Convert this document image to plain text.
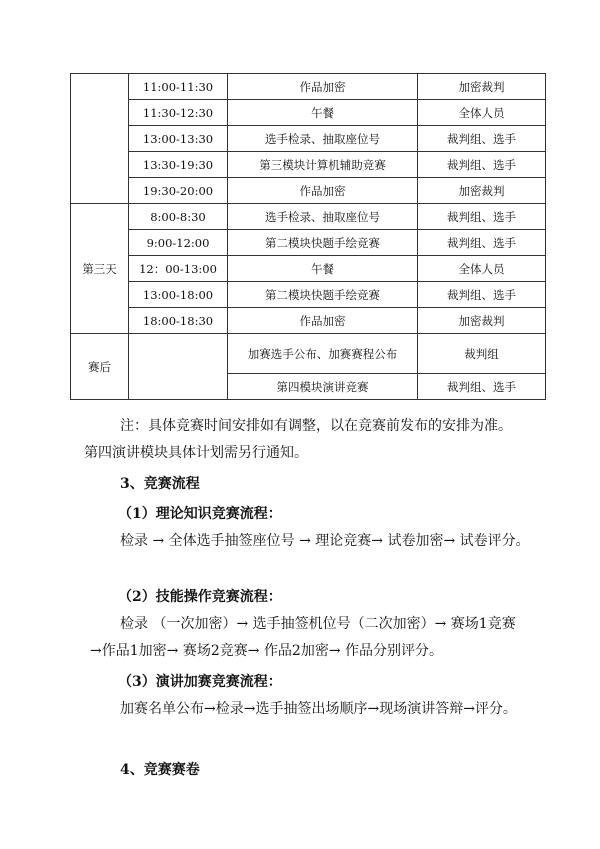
	11:00-11:30	作品加密	加密裁判
	11:30-12:30	午餐	全体人员
	13:00-13:30	选手检录、抽取座位号	裁判组、选手
	13:30-19:30	第三模块计算机辅助竞赛	裁判组、选手
	19:30-20:00	作品加密	加密裁判
第三天	8:00-8:30	选手检录、抽取座位号	裁判组、选手
	9:00-12:00	第二模块快题手绘竞赛	裁判组、选手
	12：00-13:00	午餐	全体人员
	13:00-18:00	第二模块快题手绘竞赛	裁判组、选手
	18:00-18:30	作品加密	加密裁判
赛后		加赛选手公布、加赛赛程公布	裁判组
		第四模块演讲竞赛	裁判组、选手

注：具体竞赛时间安排如有调整，以在竞赛前发布的安排为准。

第四演讲模块具体计划需另行通知。

3、竞赛流程

（1）理论知识竞赛流程：

检录 → 全体选手抽签座位号 → 理论竞赛→ 试卷加密→ 试卷评分。

（2）技能操作竞赛流程：

检录 （一次加密）→ 选手抽签机位号（二次加密）→ 赛场1竞赛 →作品1加密→ 赛场2竞赛→ 作品2加密→ 作品分别评分。

（3）演讲加赛竞赛流程：

加赛名单公布→检录→选手抽签出场顺序→现场演讲答辩→评分。

4、竞赛赛卷
